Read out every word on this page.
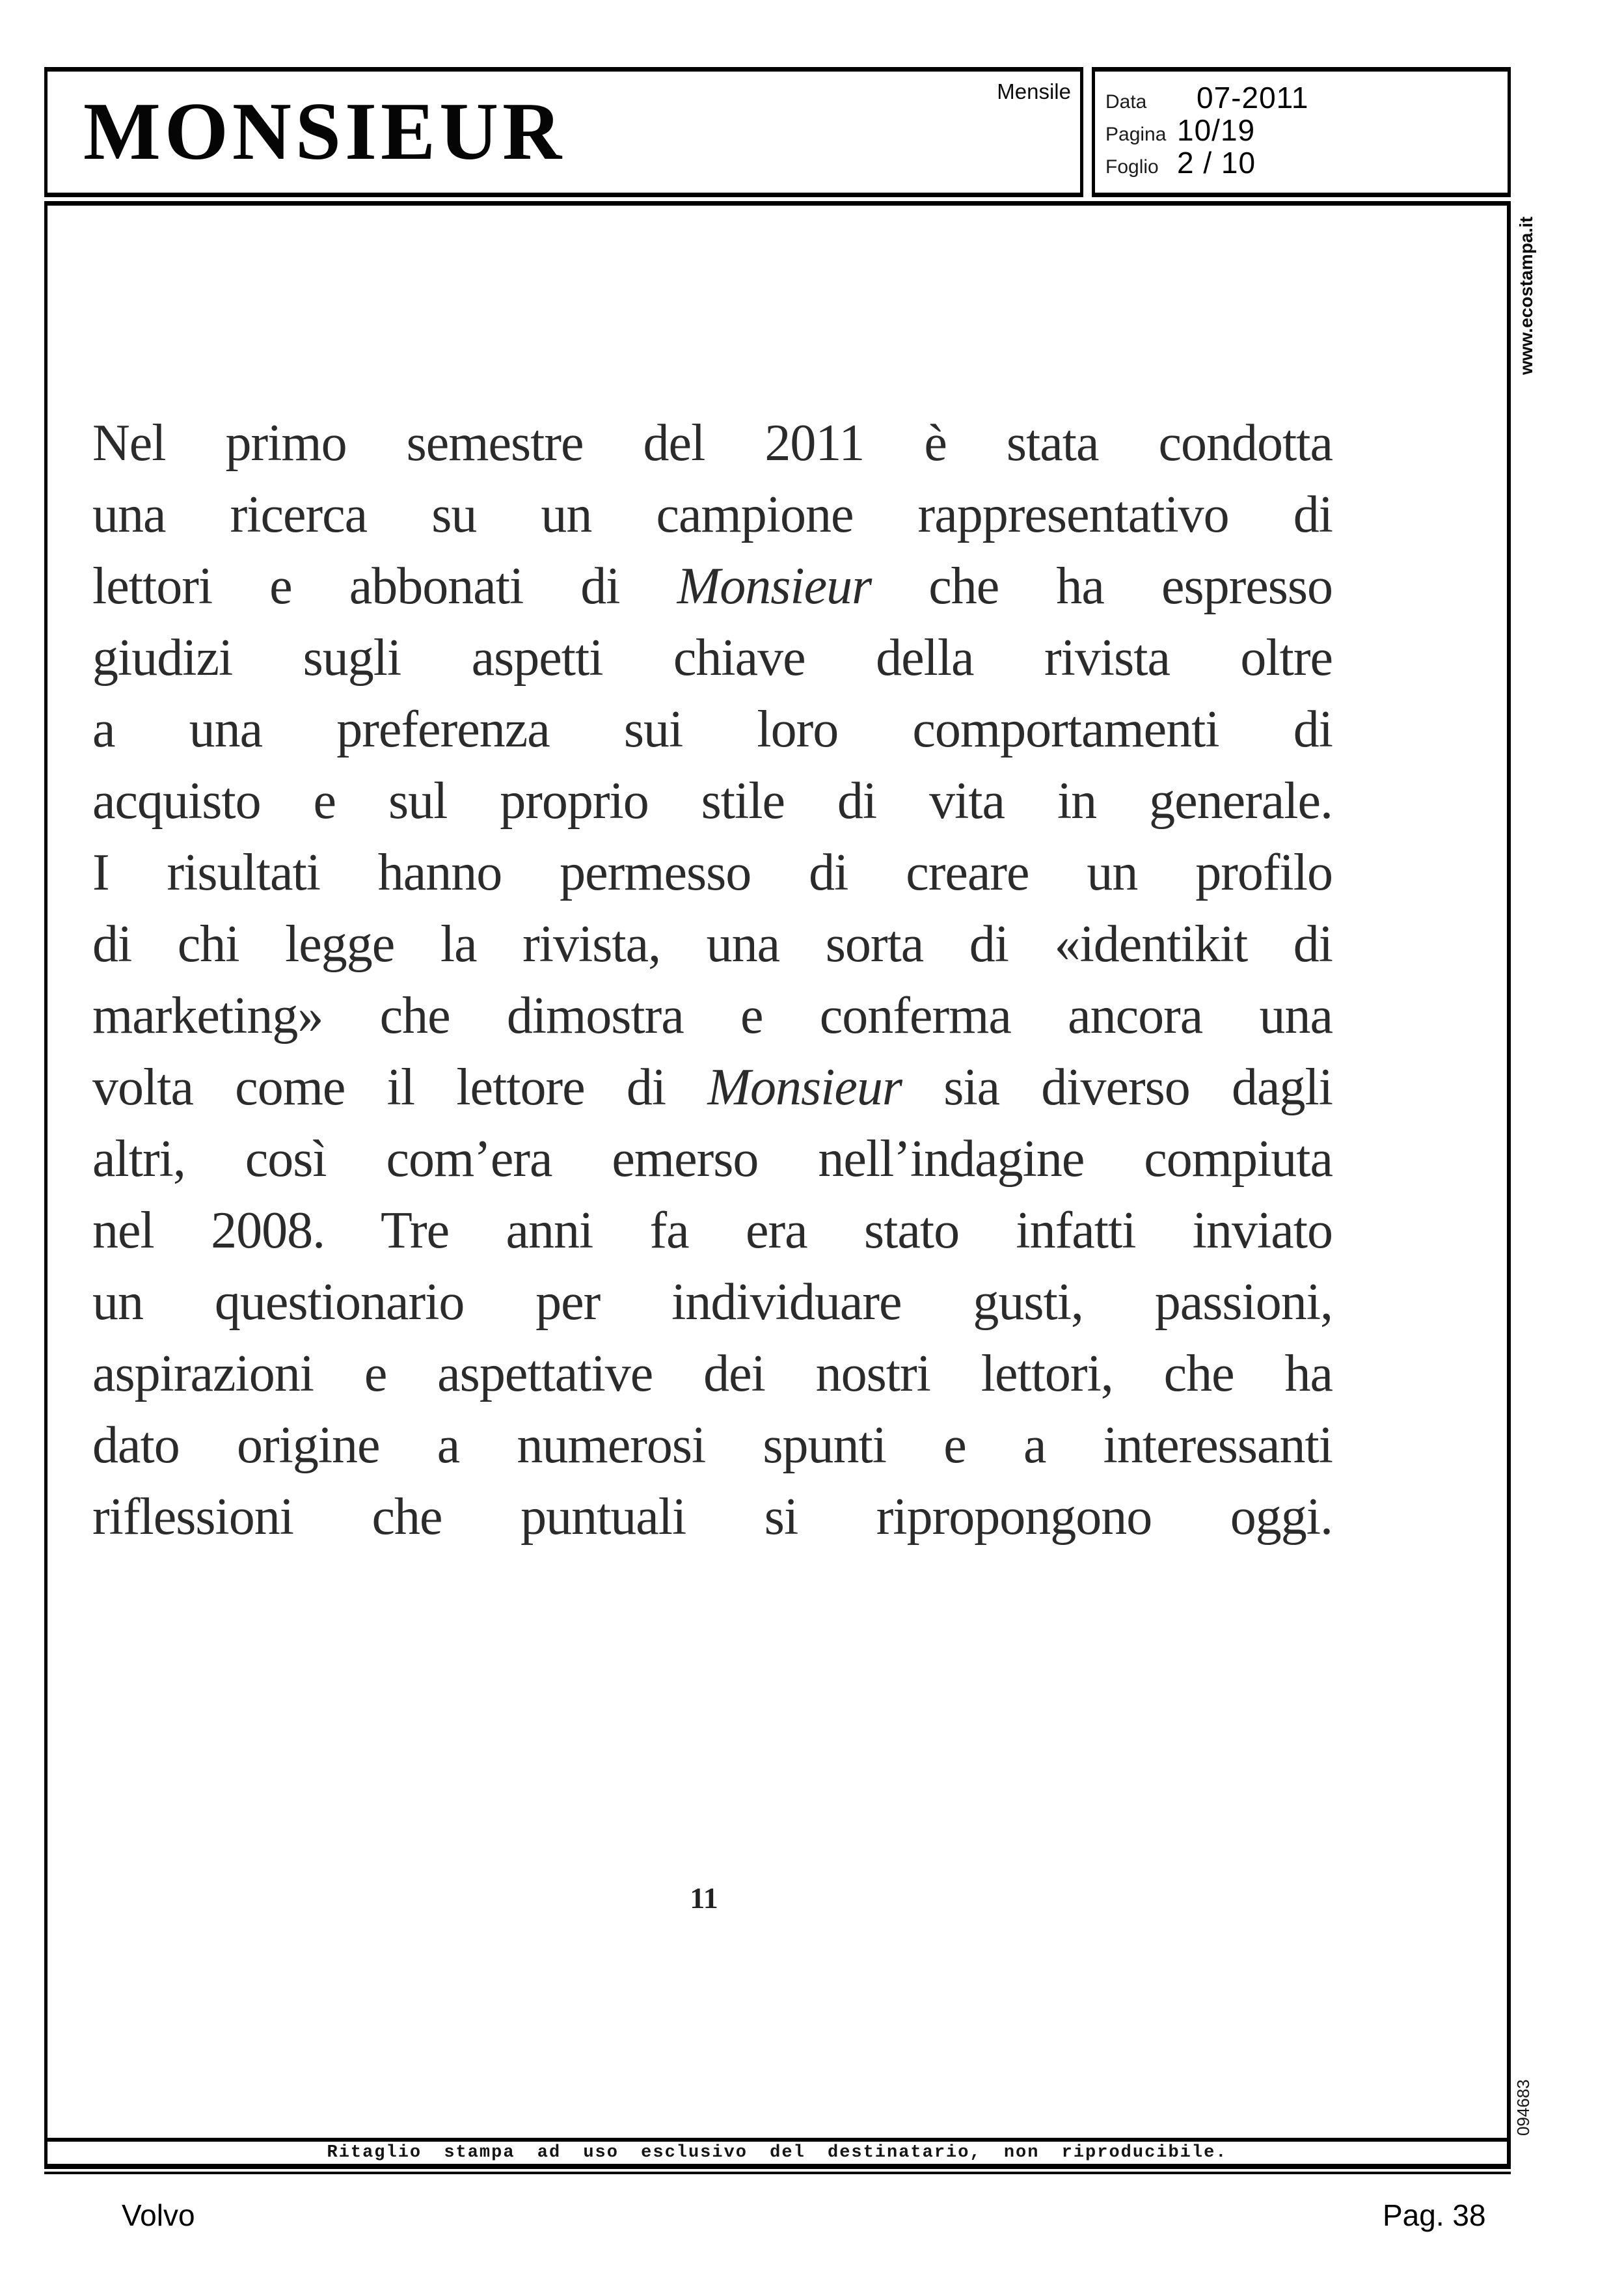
MONSIEUR	Mensile Data	07-2011
Pagina 10/19
Foglio 2 / 10
Ritaglio stampa ad uso esclusivo del destinatario, non riproducibile.
Nel primo semestre del 2011 è stata condotta
una ricerca su un campione rappresentativo di
lettori e abbonati di Monsieur che ha espresso
giudizi sugli aspetti chiave della rivista oltre
a una preferenza sui loro comportamenti di
acquisto e sul proprio stile di vita in generale.
I risultati hanno permesso di creare un profilo
di chi legge la rivista, una sorta di «identikit di
marketing» che dimostra e conferma ancora una
volta come il lettore di Monsieur sia diverso dagli
altri, così com’era emerso nell’indagine compiuta
nel 2008. Tre anni fa era stato infatti inviato
un questionario per individuare gusti, passioni,
aspirazioni e aspettative dei nostri lettori, che ha
dato origine a numerosi spunti e a interessanti
riflessioni che puntuali si ripropongono oggi.
11
Volvo	Pag. 38
www.ecostampa.it
094683
